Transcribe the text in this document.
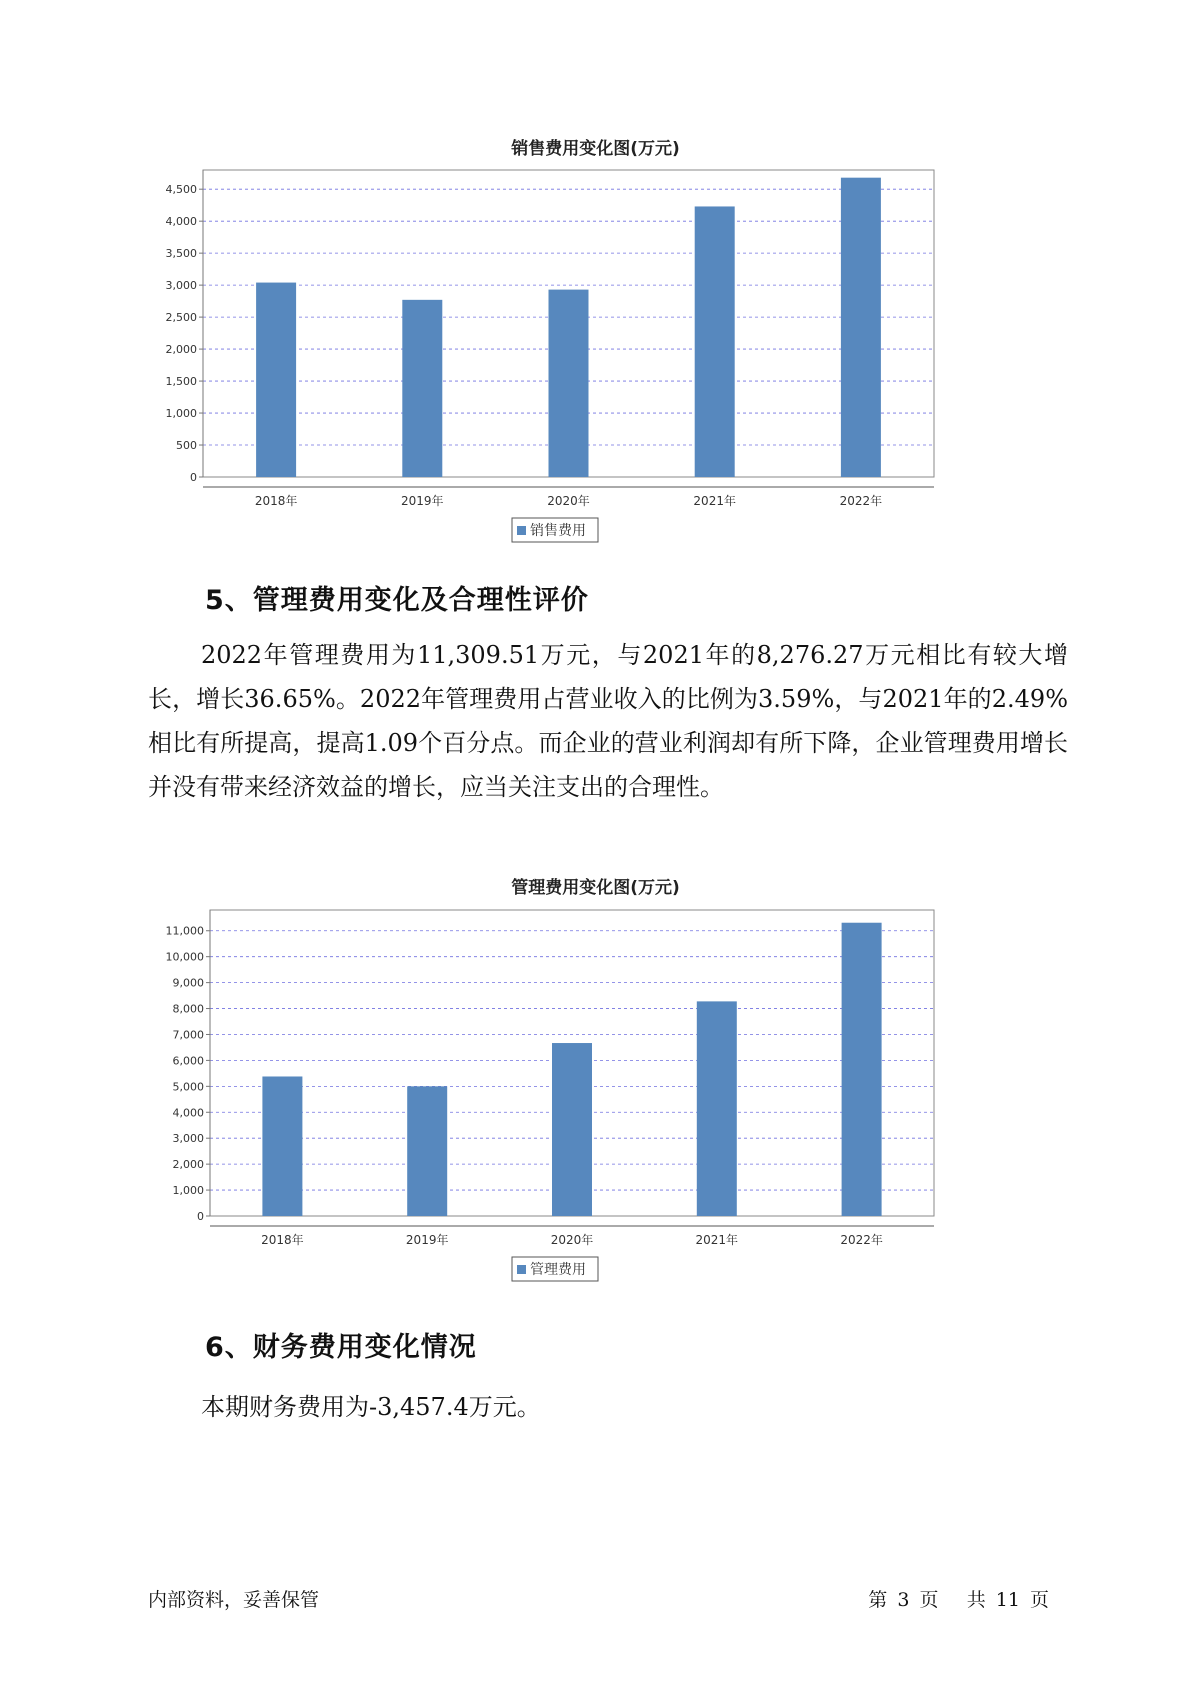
销售费用变化图(万元)
0
500
1,000
1,500
2,000
2,500
3,000
3,500
4,000
4,500
2018年	2019年	2020年	2021年	2022年
销售费用
5、管理费用变化及合理性评价

2022年管理费用为11,309.51万元，与2021年的8,276.27万元相比有较大增长，增长36.65%。2022年管理费用占营业收入的比例为3.59%，与2021年的2.49%相比有所提高，提高1.09个百分点。而企业的营业利润却有所下降，企业管理费用增长并没有带来经济效益的增长，应当关注支出的合理性。

管理费用变化图(万元)
0
1,000
2,000
3,000
4,000
5,000
6,000
7,000
8,000
9,000
10,000
11,000
2018年	2019年	2020年	2021年	2022年
管理费用
6、财务费用变化情况
本期财务费用为-3,457.4万元。
内部资料，妥善保管	第 3 页 共 11 页
